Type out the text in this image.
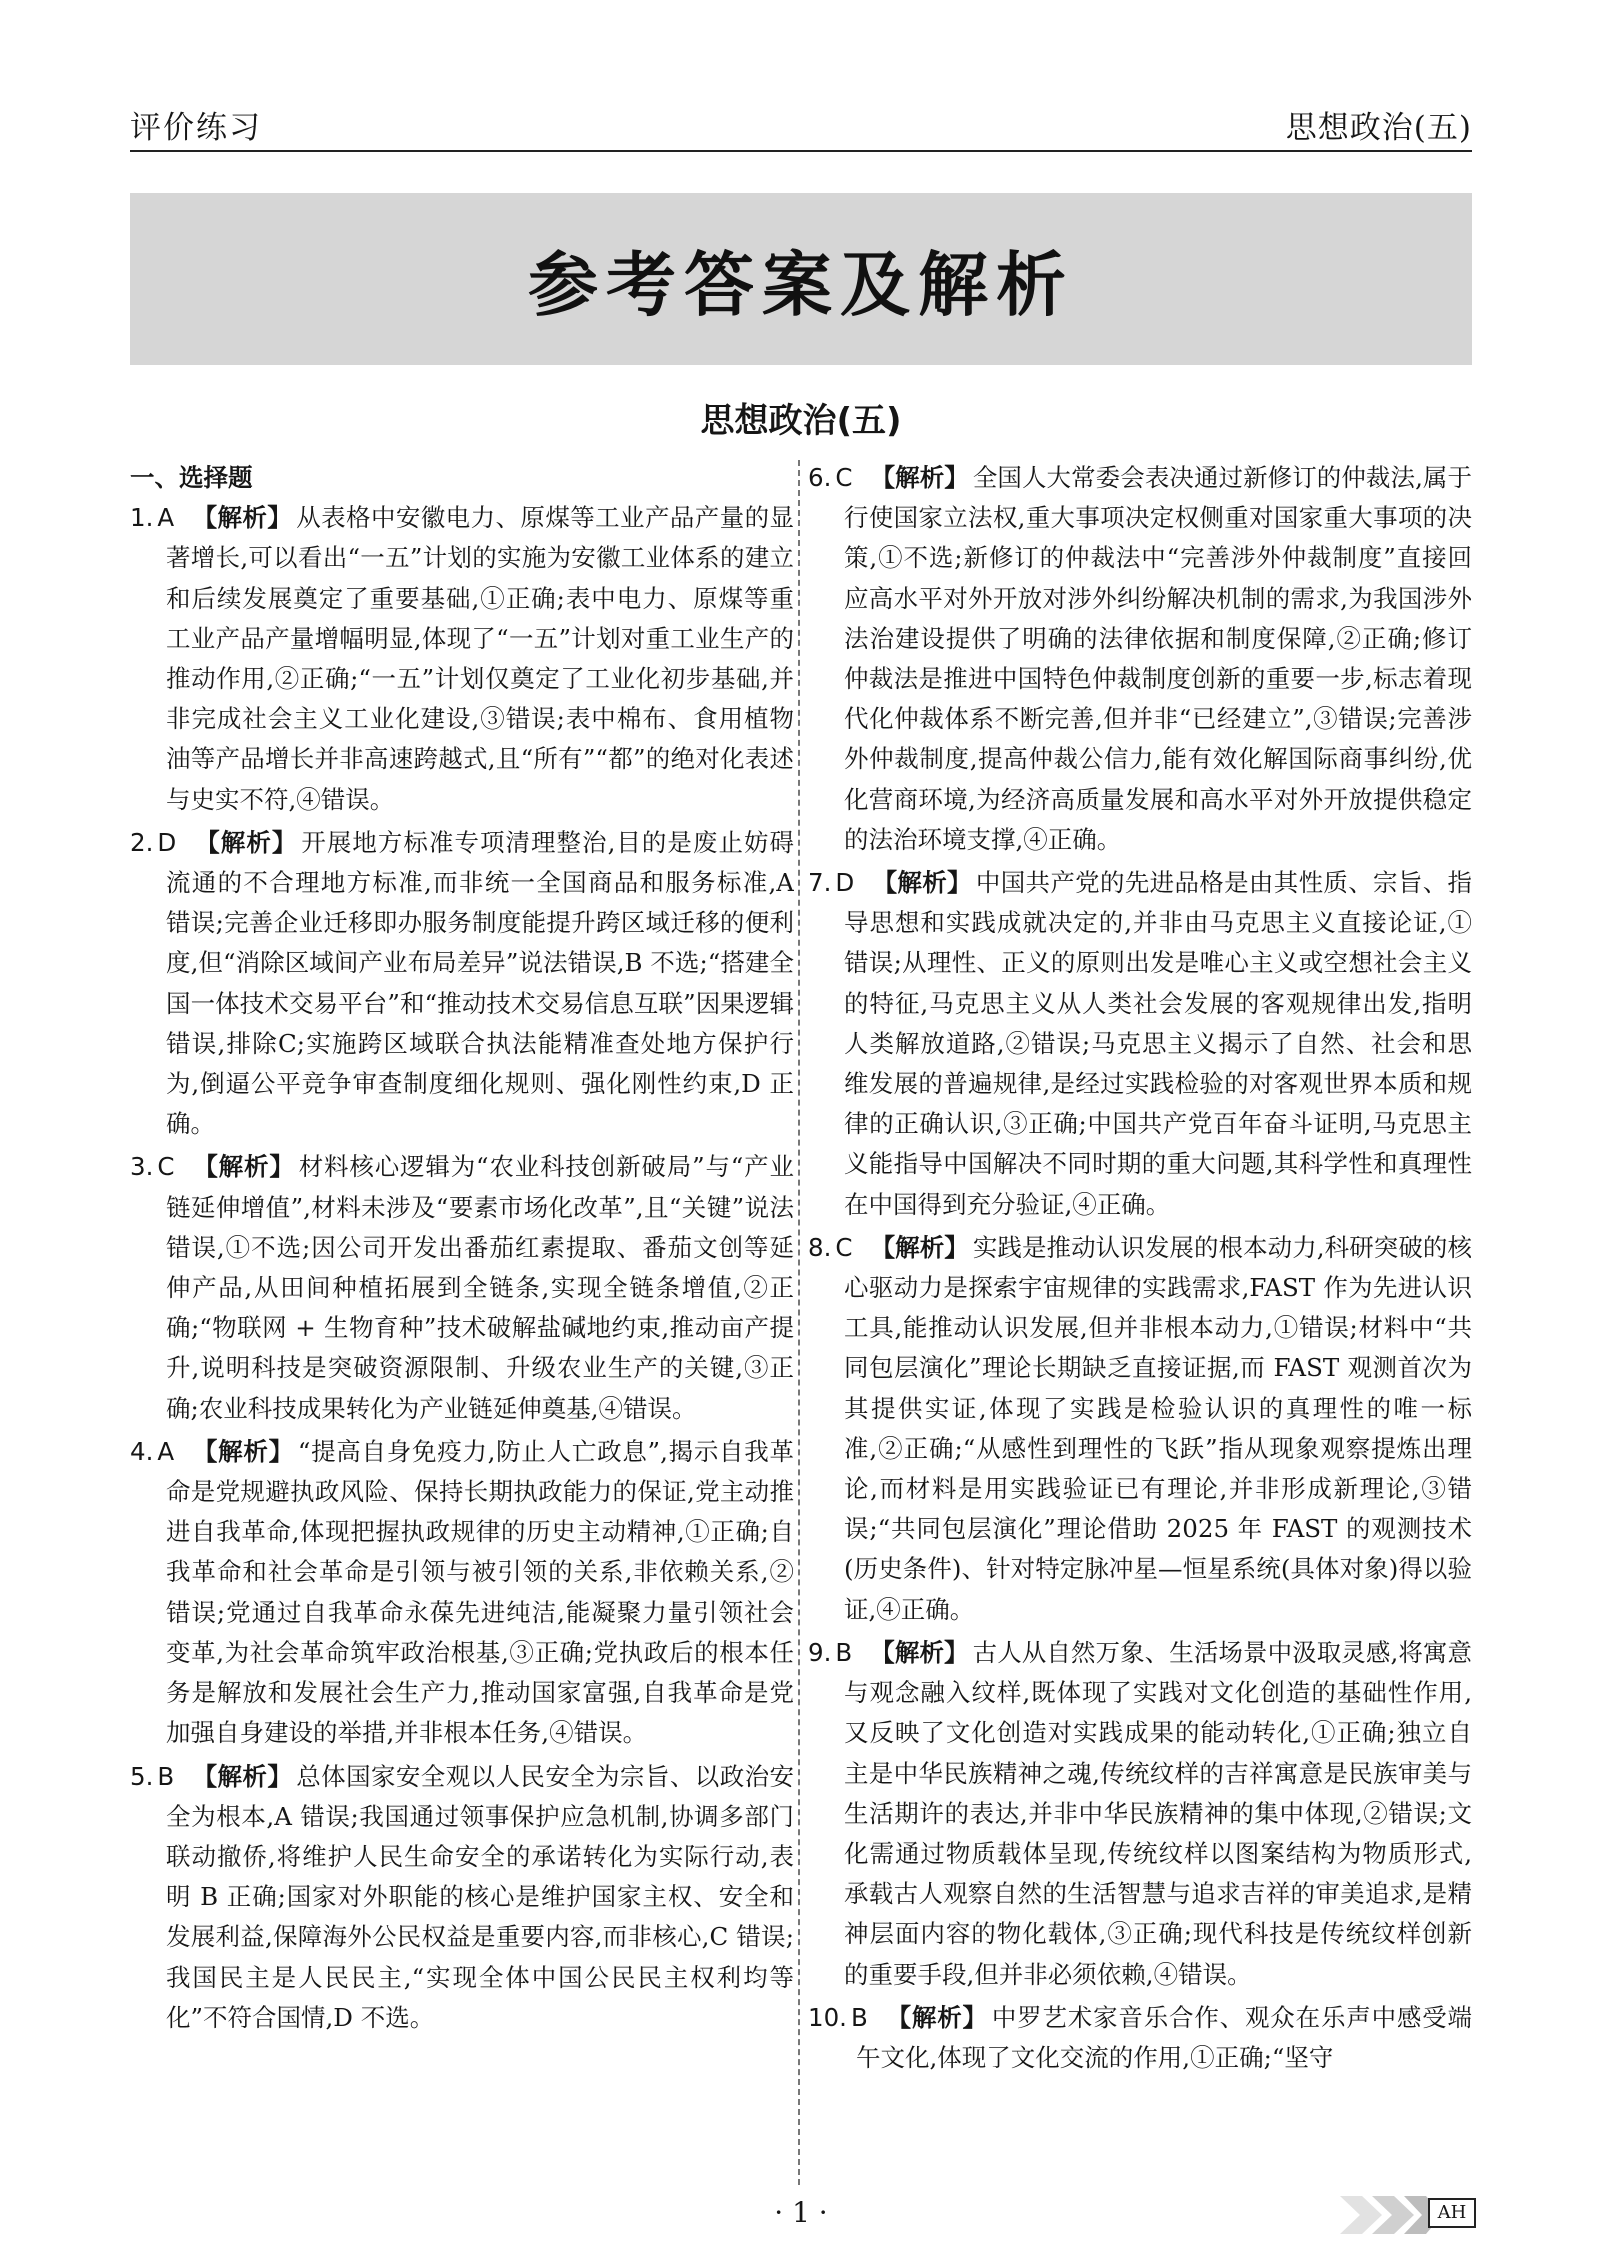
评价练习	思想政治(五)
参考答案及解析
思想政治(五)
一、选择题

1. A 【解析】 从表格中安徽电力、原煤等工业产品产量的显著增长,可以看出“一五”计划的实施为安徽工业体系的建立和后续发展奠定了重要基础,①正确;表中电力、原煤等重工业产品产量增幅明显,体现了“一五”计划对重工业生产的推动作用,②正确;“一五”计划仅奠定了工业化初步基础,并非完成社会主义工业化建设,③错误;表中棉布、食用植物油等产品增长并非高速跨越式,且“所有”“都”的绝对化表述与史实不符,④错误。

2. D 【解析】 开展地方标准专项清理整治,目的是废止妨碍流通的不合理地方标准,而非统一全国商品和服务标准,A 错误;完善企业迁移即办服务制度能提升跨区域迁移的便利度,但“消除区域间产业布局差异”说法错误,B 不选;“搭建全国一体技术交易平台”和“推动技术交易信息互联”因果逻辑错误,排除C;实施跨区域联合执法能精准查处地方保护行为,倒逼公平竞争审查制度细化规则、强化刚性约束,D 正确。

3. C 【解析】 材料核心逻辑为“农业科技创新破局”与“产业链延伸增值”,材料未涉及“要素市场化改革”,且“关键”说法错误,①不选;因公司开发出番茄红素提取、番茄文创等延伸产品,从田间种植拓展到全链条,实现全链条增值,②正确;“物联网 + 生物育种”技术破解盐碱地约束,推动亩产提升,说明科技是突破资源限制、升级农业生产的关键,③正确;农业科技成果转化为产业链延伸奠基,④错误。

4. A 【解析】 “提高自身免疫力,防止人亡政息”,揭示自我革命是党规避执政风险、保持长期执政能力的保证,党主动推进自我革命,体现把握执政规律的历史主动精神,①正确;自我革命和社会革命是引领与被引领的关系,非依赖关系,②错误;党通过自我革命永葆先进纯洁,能凝聚力量引领社会变革,为社会革命筑牢政治根基,③正确;党执政后的根本任务是解放和发展社会生产力,推动国家富强,自我革命是党加强自身建设的举措,并非根本任务,④错误。

5. B 【解析】 总体国家安全观以人民安全为宗旨、以政治安全为根本,A 错误;我国通过领事保护应急机制,协调多部门联动撤侨,将维护人民生命安全的承诺转化为实际行动,表明 B 正确;国家对外职能的核心是维护国家主权、安全和发展利益,保障海外公民权益是重要内容,而非核心,C 错误;我国民主是人民民主,“实现全体中国公民民主权利均等化”不符合国情,D 不选。

6. C 【解析】 全国人大常委会表决通过新修订的仲裁法,属于行使国家立法权,重大事项决定权侧重对国家重大事项的决策,①不选;新修订的仲裁法中“完善涉外仲裁制度”直接回应高水平对外开放对涉外纠纷解决机制的需求,为我国涉外法治建设提供了明确的法律依据和制度保障,②正确;修订仲裁法是推进中国特色仲裁制度创新的重要一步,标志着现代化仲裁体系不断完善,但并非“已经建立”,③错误;完善涉外仲裁制度,提高仲裁公信力,能有效化解国际商事纠纷,优化营商环境,为经济高质量发展和高水平对外开放提供稳定的法治环境支撑,④正确。

7. D 【解析】 中国共产党的先进品格是由其性质、宗旨、指导思想和实践成就决定的,并非由马克思主义直接论证,①错误;从理性、正义的原则出发是唯心主义或空想社会主义的特征,马克思主义从人类社会发展的客观规律出发,指明人类解放道路,②错误;马克思主义揭示了自然、社会和思维发展的普遍规律,是经过实践检验的对客观世界本质和规律的正确认识,③正确;中国共产党百年奋斗证明,马克思主义能指导中国解决不同时期的重大问题,其科学性和真理性在中国得到充分验证,④正确。

8. C 【解析】 实践是推动认识发展的根本动力,科研突破的核心驱动力是探索宇宙规律的实践需求,FAST 作为先进认识工具,能推动认识发展,但并非根本动力,①错误;材料中“共同包层演化”理论长期缺乏直接证据,而 FAST 观测首次为其提供实证,体现了实践是检验认识的真理性的唯一标准,②正确;“从感性到理性的飞跃”指从现象观察提炼出理论,而材料是用实践验证已有理论,并非形成新理论,③错误;“共同包层演化”理论借助 2025 年 FAST 的观测技术(历史条件)、针对特定脉冲星—恒星系统(具体对象)得以验证,④正确。

9. B 【解析】 古人从自然万象、生活场景中汲取灵感,将寓意与观念融入纹样,既体现了实践对文化创造的基础性作用,又反映了文化创造对实践成果的能动转化,①正确;独立自主是中华民族精神之魂,传统纹样的吉祥寓意是民族审美与生活期许的表达,并非中华民族精神的集中体现,②错误;文化需通过物质载体呈现,传统纹样以图案结构为物质形式,承载古人观察自然的生活智慧与追求吉祥的审美追求,是精神层面内容的物化载体,③正确;现代科技是传统纹样创新的重要手段,但并非必须依赖,④错误。

10. B 【解析】 中罗艺术家音乐合作、观众在乐声中感受端午文化,体现了文化交流的作用,①正确;“坚守

· 1 ·	AH
